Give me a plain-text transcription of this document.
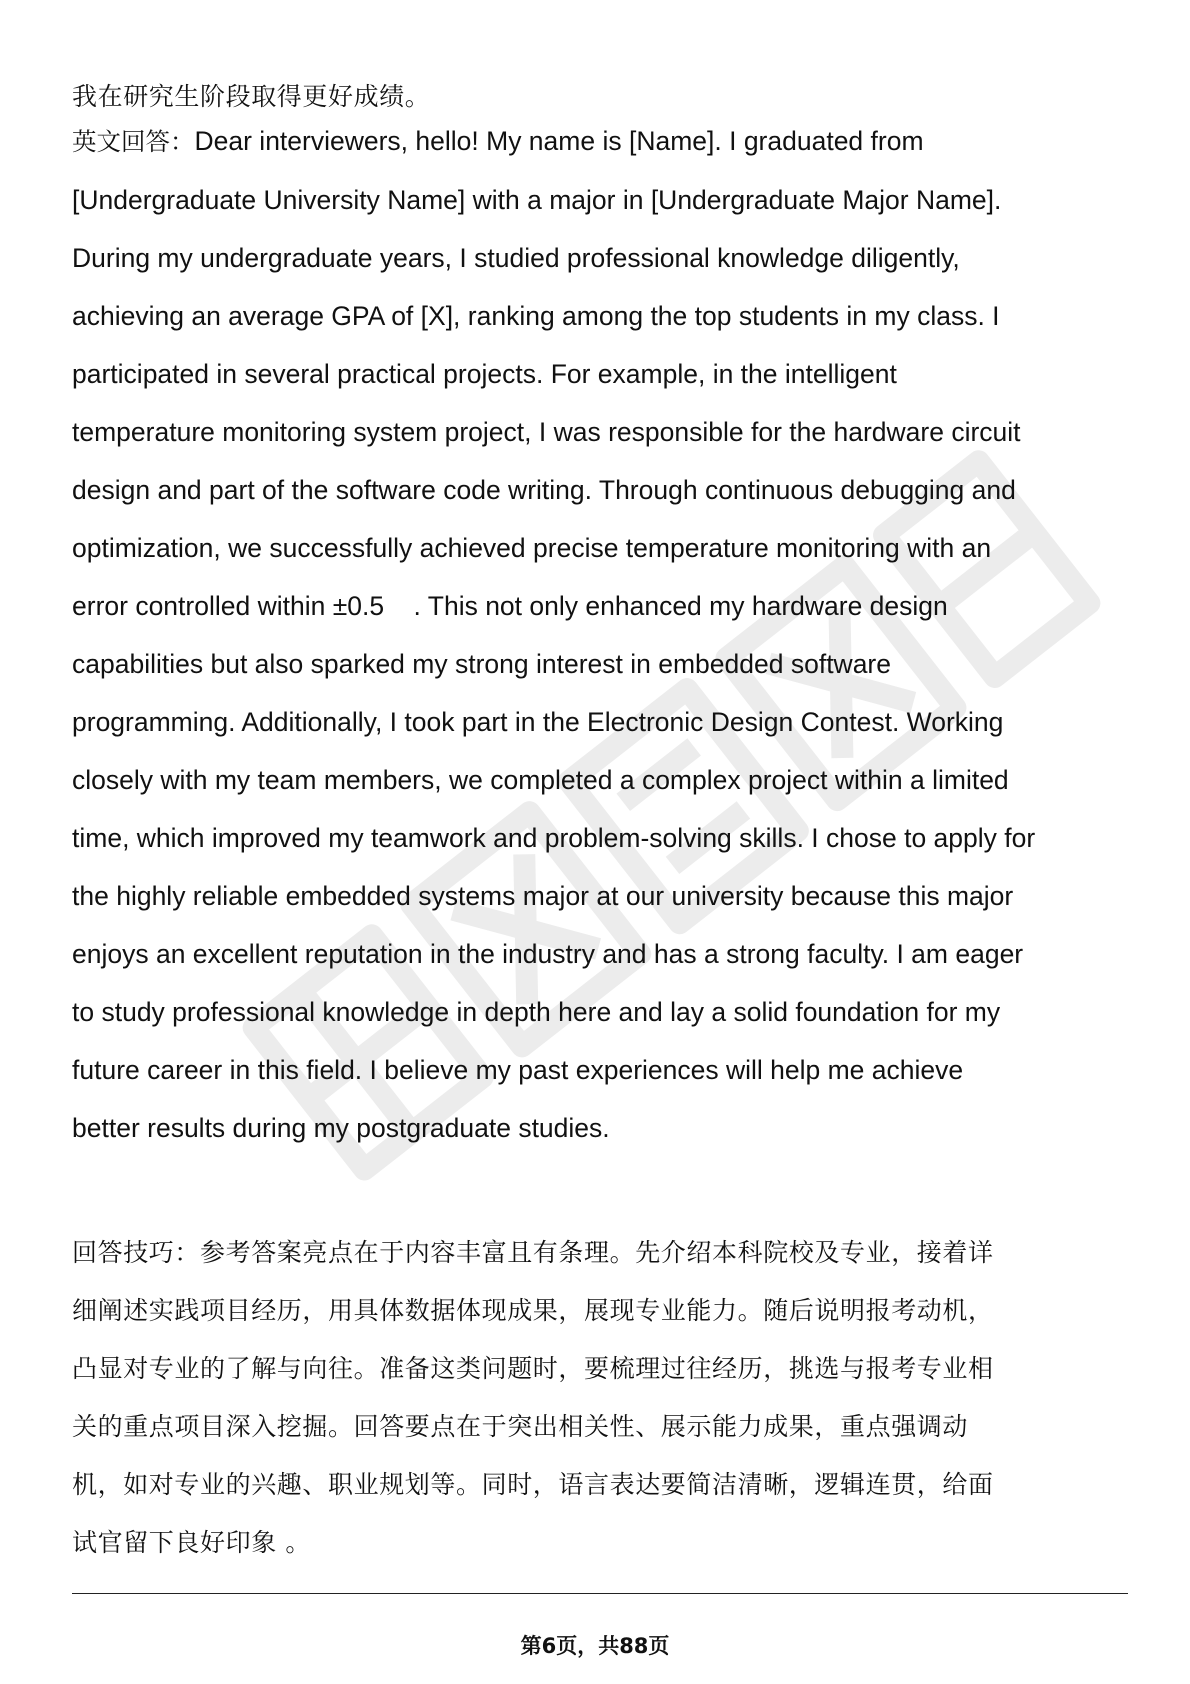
我在研究生阶段取得更好成绩。

英文回答：Dear interviewers, hello! My name is [Name]. I graduated from
[Undergraduate University Name] with a major in [Undergraduate Major Name].
During my undergraduate years, I studied professional knowledge diligently,
achieving an average GPA of [X], ranking among the top students in my class. I
participated in several practical projects. For example, in the intelligent
temperature monitoring system project, I was responsible for the hardware circuit
design and part of the software code writing. Through continuous debugging and
optimization, we successfully achieved precise temperature monitoring with an
error controlled within ±0.5    . This not only enhanced my hardware design
capabilities but also sparked my strong interest in embedded software
programming. Additionally, I took part in the Electronic Design Contest. Working
closely with my team members, we completed a complex project within a limited
time, which improved my teamwork and problem-solving skills. I chose to apply for
the highly reliable embedded systems major at our university because this major
enjoys an excellent reputation in the industry and has a strong faculty. I am eager
to study professional knowledge in depth here and lay a solid foundation for my
future career in this field. I believe my past experiences will help me achieve
better results during my postgraduate studies.
回答技巧：参考答案亮点在于内容丰富且有条理。先介绍本科院校及专业，接着详
细阐述实践项目经历，用具体数据体现成果，展现专业能力。随后说明报考动机，
凸显对专业的了解与向往。准备这类问题时，要梳理过往经历，挑选与报考专业相
关的重点项目深入挖掘。回答要点在于突出相关性、展示能力成果，重点强调动
机，如对专业的兴趣、职业规划等。同时，语言表达要简洁清晰，逻辑连贯，给面
试官留下良好印象 。
第6页，共88页
